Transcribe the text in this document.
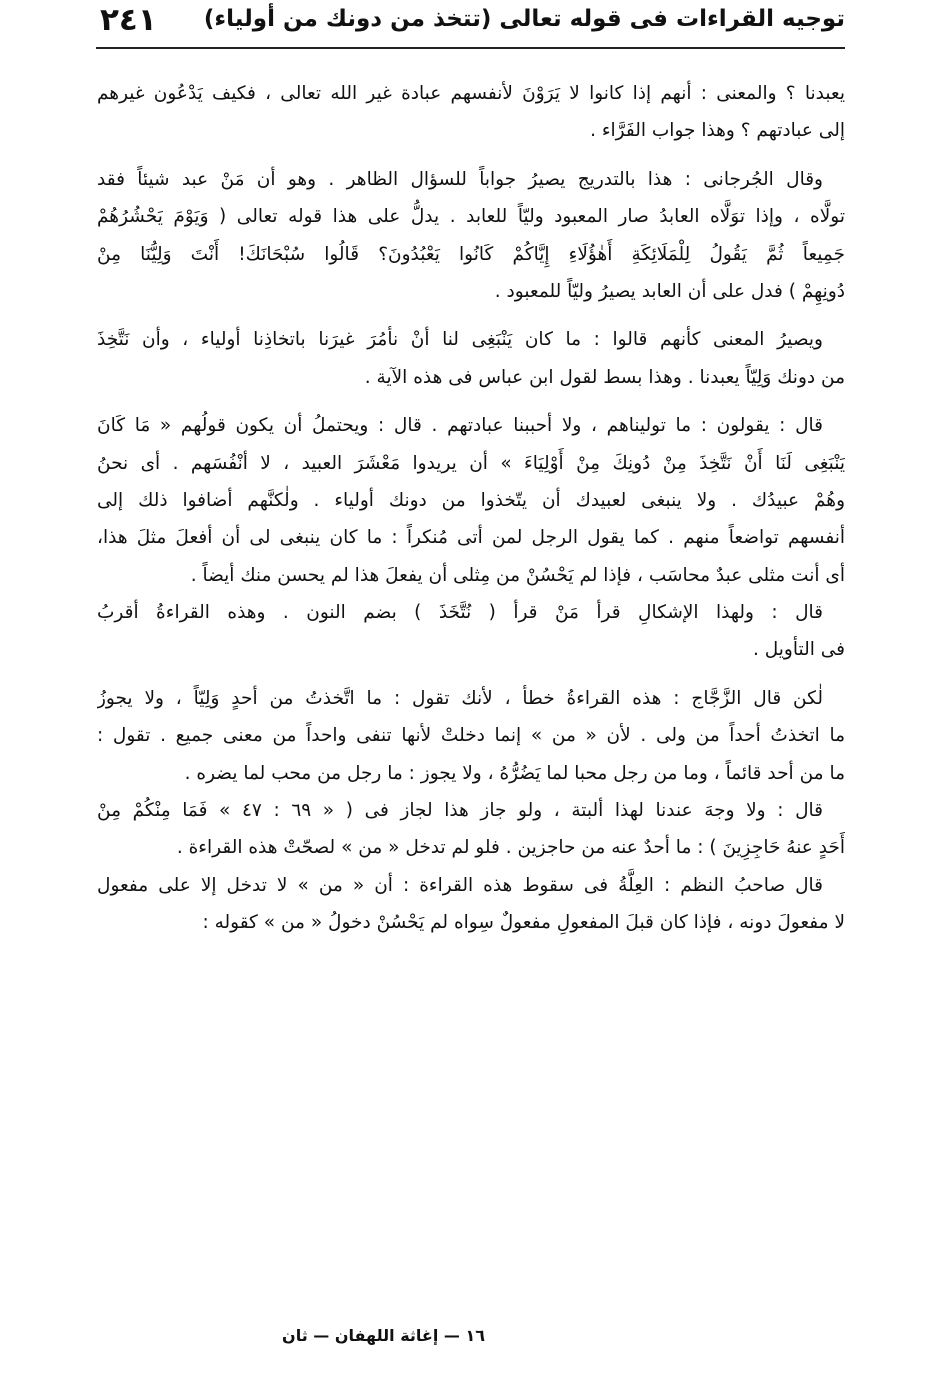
توجيه القراءات فى قوله تعالى (تتخذ من دونك من أولياء)
٢٤١
يعبدنا ؟ والمعنى : أنهم إذا كانوا لا يَرَوْنَ لأنفسهم عبادة غير الله تعالى ، فكيف يَدْعُون غيرهم
إلى عبادتهم ؟ وهذا جواب الفَرَّاء .
وقال الجُرجانى : هذا بالتدريج يصيرُ جواباً للسؤال الظاهر . وهو أن مَنْ عبد شيئاً فقد
تولَّاه ، وإذا توَلَّاه العابدُ صار المعبود وليّاً للعابد . يدلُّ على هذا قوله تعالى ( وَيَوْمَ يَحْشُرُهُمْ
جَمِيعاً ثُمَّ يَقُولُ لِلْمَلَائِكَةِ أَهٰؤُلَاءِ إِيَّاكُمْ كَانُوا يَعْبُدُونَ؟ قَالُوا سُبْحَانَكَ! أَنْتَ وَلِيُّنَا مِنْ
دُونِهِمْ ) فدل على أن العابد يصيرُ وليّاً للمعبود .
ويصيرُ المعنى كأنهم قالوا : ما كان يَنْبَغِى لنا أنْ نأمُرَ غيرَنا باتخاذِنا أولياء ، وأن نَتَّخِذَ
من دونك وَلِيّاً يعبدنا . وهذا بسط لقول ابن عباس فى هذه الآية .
قال : يقولون : ما توليناهم ، ولا أحببنا عبادتهم . قال : ويحتملُ أن يكون قولُهم « مَا كَانَ
يَنْبَغِى لَنَا أَنْ نَتَّخِذَ مِنْ دُونِكَ مِنْ أَوْلِيَاءَ » أن يريدوا مَعْشَرَ العبيد ، لا أنْفُسَهم . أى نحنُ
وهُمْ عبيدُك . ولا ينبغى لعبيدك أن يتّخذوا من دونك أولياء . ولٰكنَّهم أضافوا ذلك إلى
أنفسهم تواضعاً منهم . كما يقول الرجل لمن أتى مُنكراً : ما كان ينبغى لى أن أفعلَ مثلَ هذا،
أى أنت مثلى عبدٌ محاسَب ، فإذا لم يَحْسُنْ من مِثلى أن يفعلَ هذا لم يحسن منك أيضاً .
قال : ولهذا الإشكالِ قرأ مَنْ قرأ ( نُتَّخَذَ ) بضم النون . وهذه القراءةُ أقربُ
فى التأويل .
لٰكن قال الزَّجَّاج : هذه القراءةُ خطأ ، لأنك تقول : ما اتَّخذتُ من أحدٍ وَلِيّاً ، ولا يجوزُ
ما اتخذتُ أحداً من ولى . لأن « من » إنما دخلتْ لأنها تنفى واحداً من معنى جميع . تقول :
ما من أحد قائماً ، وما من رجل محبا لما يَضُرُّهُ ، ولا يجوز : ما رجل من محب لما يضره .
قال : ولا وجهَ عندنا لهذا ألبتة ، ولو جاز هذا لجاز فى ( « ٦٩ : ٤٧ » فَمَا مِنْكُمْ مِنْ
أَحَدٍ عنهُ حَاجِزِينَ ) : ما أحدٌ عنه من حاجزين . فلو لم تدخل « من » لصحّتْ هذه القراءة .
قال صاحبُ النظم : العِلَّةُ فى سقوط هذه القراءة : أن « من » لا تدخل إلا على مفعول
لا مفعولَ دونه ، فإذا كان قبلَ المفعولِ مفعولٌ سِواه لم يَحْسُنْ دخولُ « من » كقوله :
١٦ — إغاثة اللهفان — ثان
